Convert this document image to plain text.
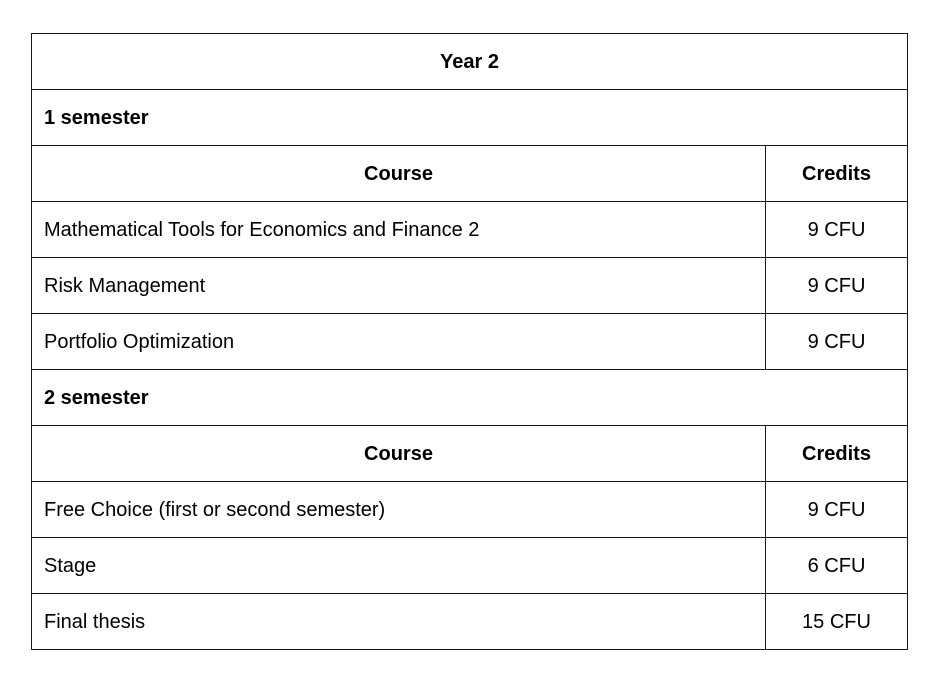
Year 2	
1 semester	
Course	Credits
Mathematical Tools for Economics and Finance 2	9 CFU
Risk Management	9 CFU
Portfolio Optimization	9 CFU
2 semester	
Course	Credits
Free Choice (first or second semester)	9 CFU
Stage	6 CFU
Final thesis	15 CFU
